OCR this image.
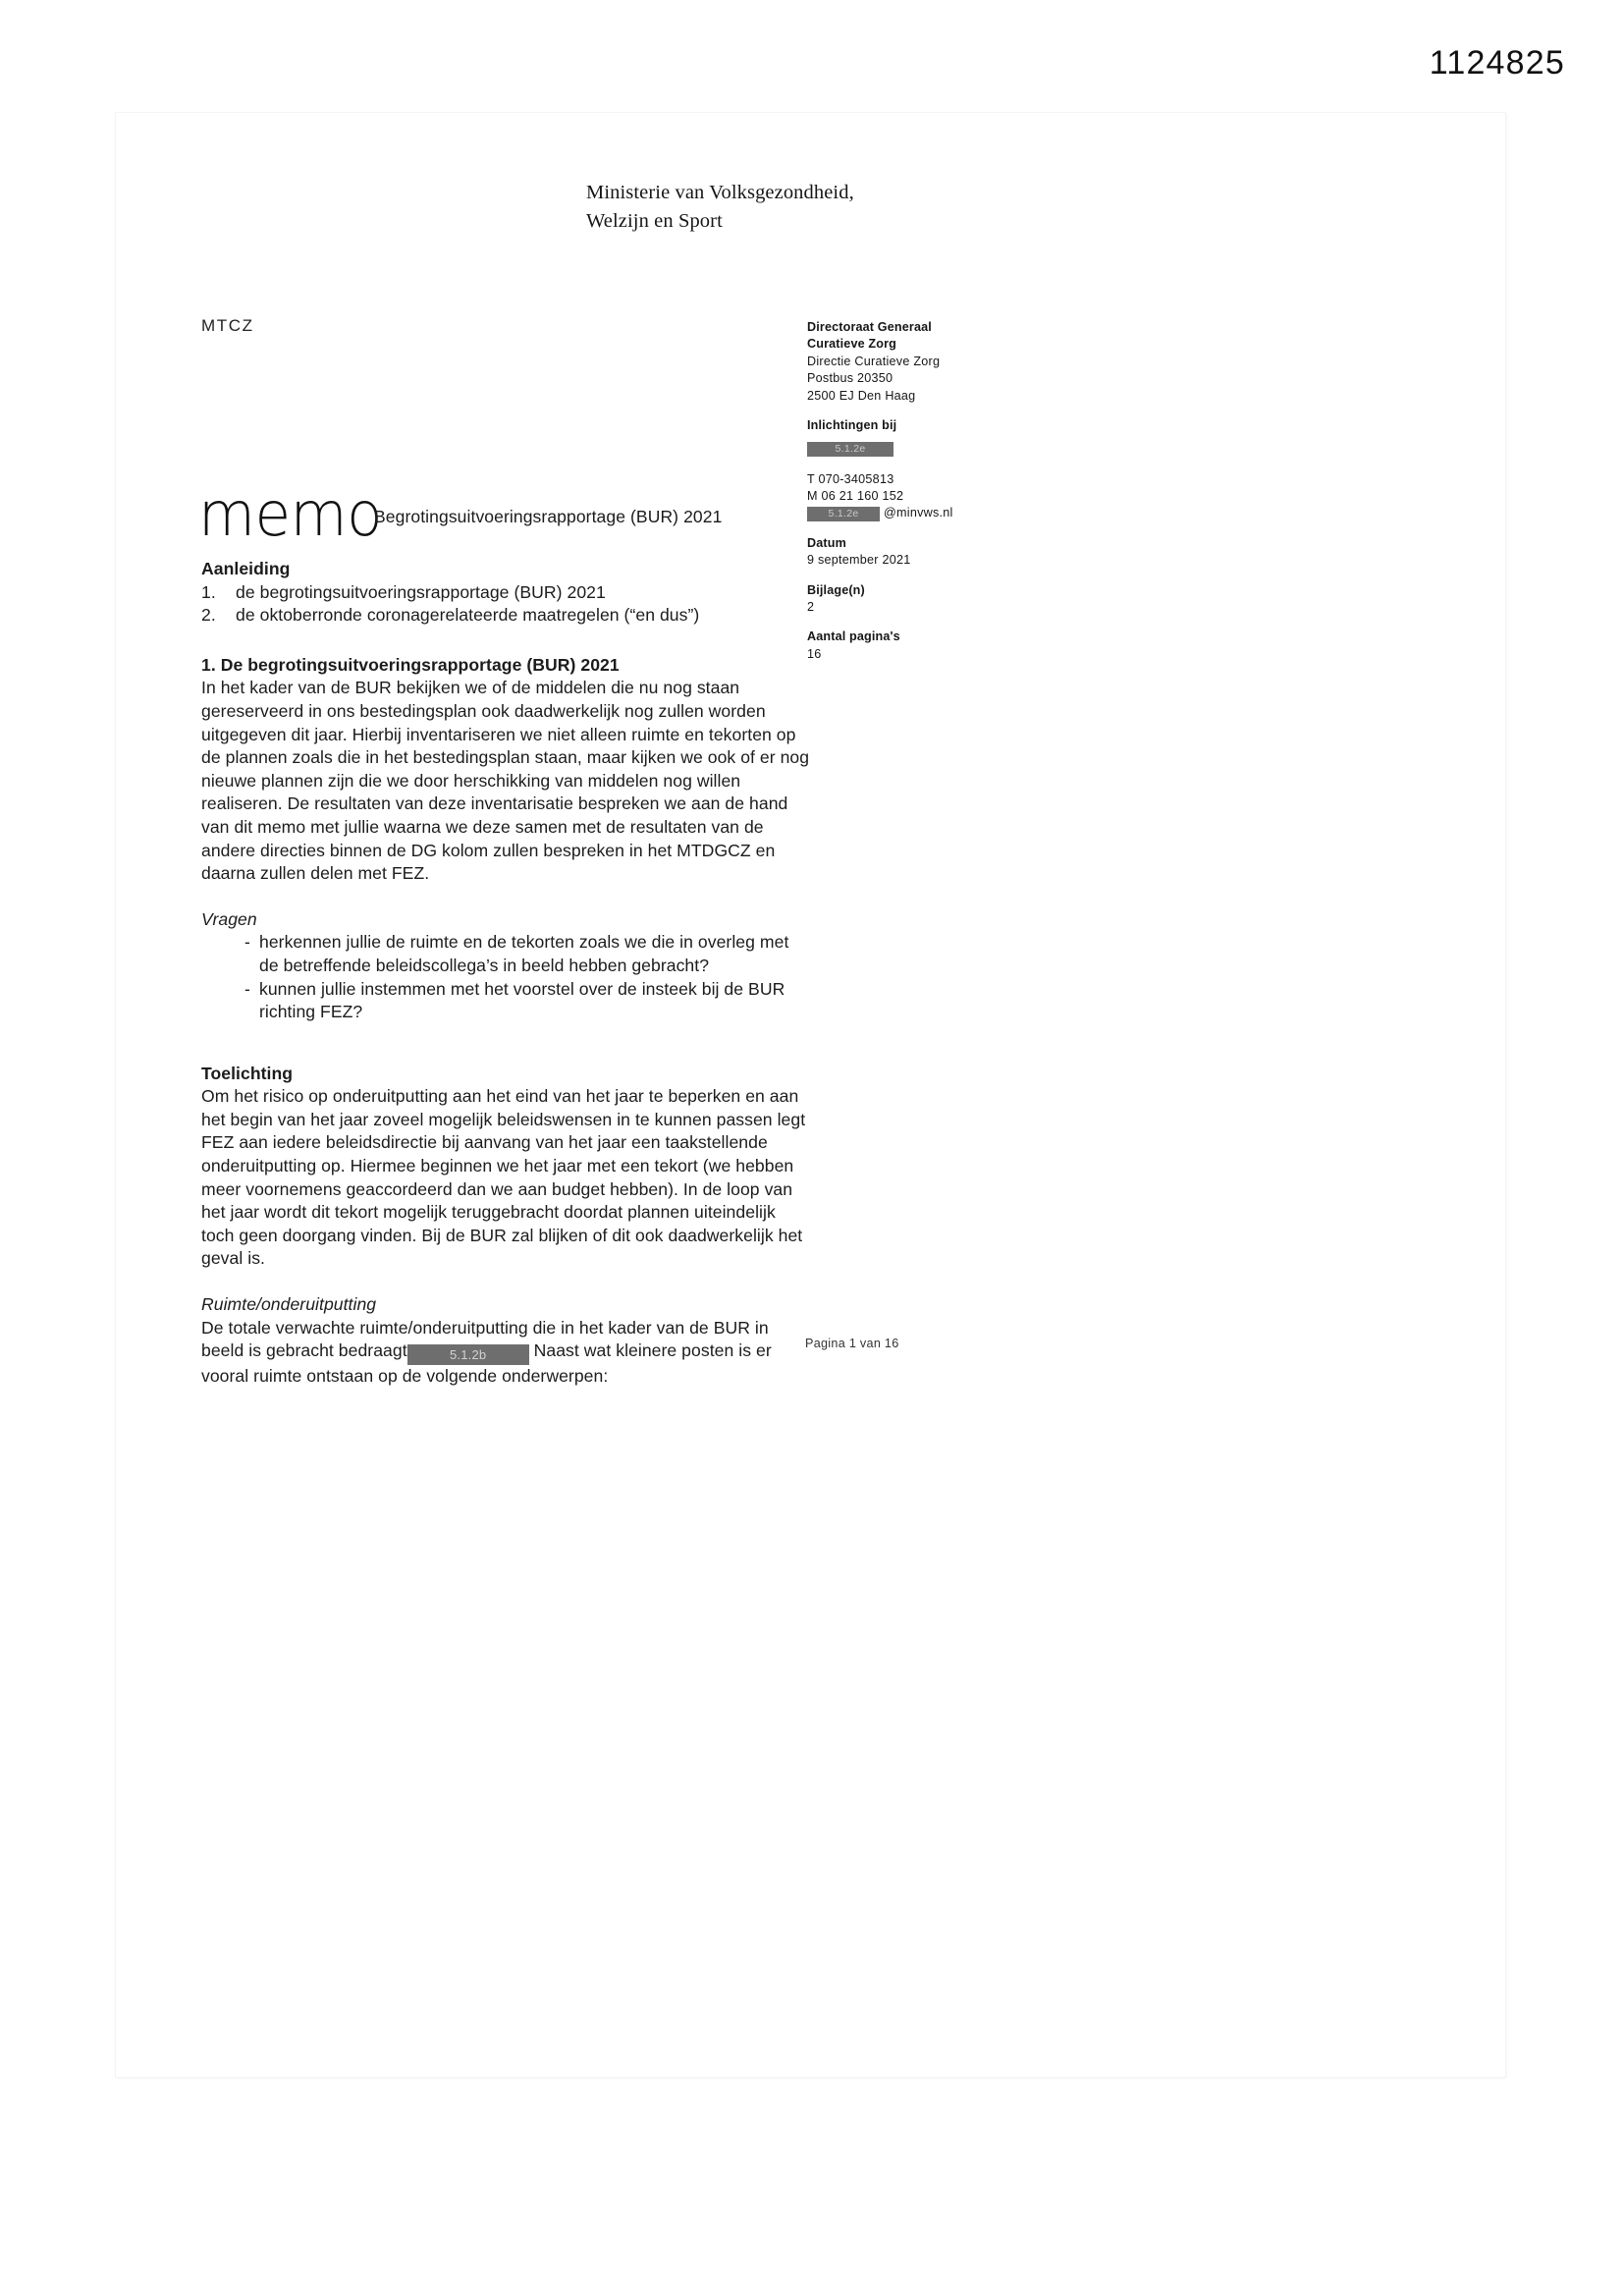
1124825
Ministerie van Volksgezondheid,
Welzijn en Sport
MTCZ	Directoraat Generaal
Curatieve Zorg
Directie Curatieve Zorg
Postbus 20350
2500 EJ Den Haag
Inlichtingen bij
5.1.2e
T 070-3405813
M 06 21 160 152
5.1.2e @minvws.nl
Datum
9 september 2021
Bijlage(n)
2
Aantal pagina's
16
memo
Begrotingsuitvoeringsrapportage (BUR) 2021
Aanleiding
1. de begrotingsuitvoeringsrapportage (BUR) 2021
2. de oktoberronde coronagerelateerde maatregelen (“en dus”)
1. De begrotingsuitvoeringsrapportage (BUR) 2021

In het kader van de BUR bekijken we of de middelen die nu nog staan gereserveerd in ons bestedingsplan ook daadwerkelijk nog zullen worden uitgegeven dit jaar. Hierbij inventariseren we niet alleen ruimte en tekorten op de plannen zoals die in het bestedingsplan staan, maar kijken we ook of er nog nieuwe plannen zijn die we door herschikking van middelen nog willen realiseren. De resultaten van deze inventarisatie bespreken we aan de hand van dit memo met jullie waarna we deze samen met de resultaten van de andere directies binnen de DG kolom zullen bespreken in het MTDGCZ en daarna zullen delen met FEZ.

Vragen
- herkennen jullie de ruimte en de tekorten zoals we die in overleg met de betreffende beleidscollega’s in beeld hebben gebracht?
- kunnen jullie instemmen met het voorstel over de insteek bij de BUR richting FEZ?
Toelichting

Om het risico op onderuitputting aan het eind van het jaar te beperken en aan het begin van het jaar zoveel mogelijk beleidswensen in te kunnen passen legt FEZ aan iedere beleidsdirectie bij aanvang van het jaar een taakstellende onderuitputting op. Hiermee beginnen we het jaar met een tekort (we hebben meer voornemens geaccordeerd dan we aan budget hebben). In de loop van het jaar wordt dit tekort mogelijk teruggebracht doordat plannen uiteindelijk toch geen doorgang vinden. Bij de BUR zal blijken of dit ook daadwerkelijk het geval is.

Ruimte/onderuitputting

De totale verwachte ruimte/onderuitputting die in het kader van de BUR in beeld is gebracht bedraagt	5.1.2b	Naast wat kleinere posten is er vooral ruimte ontstaan op de volgende onderwerpen:

Pagina 1 van 16
